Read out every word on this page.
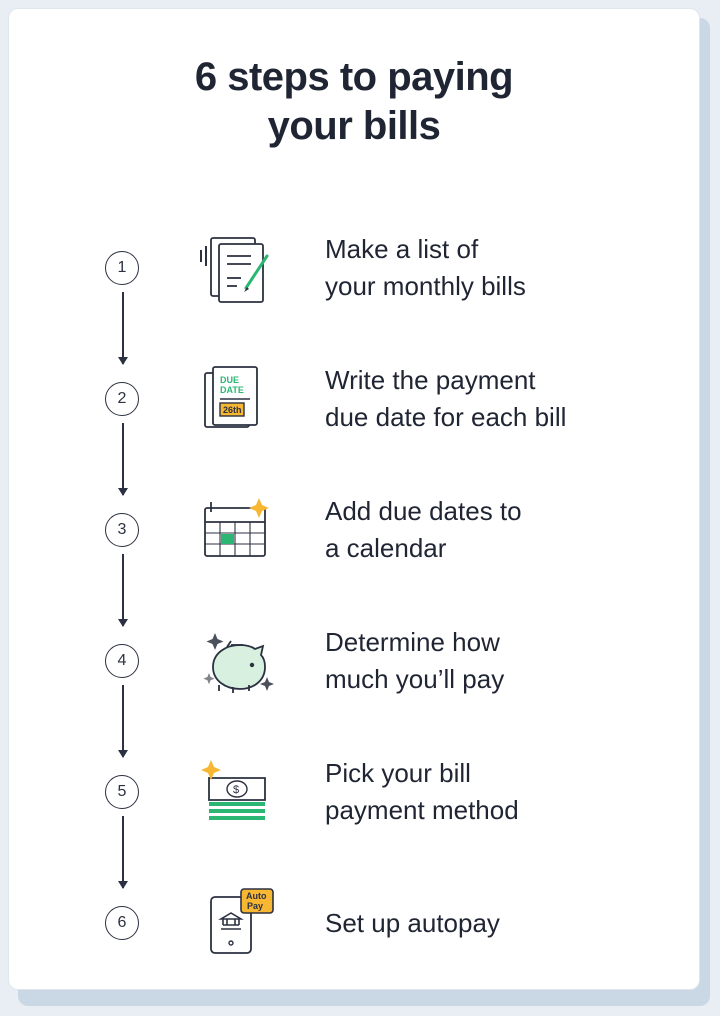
6 steps to paying
your bills
1
Make a list of
your monthly bills
2
DUE
DATE
26th
Write the payment
due date for each bill
3
Add due dates to
a calendar
4
Determine how
much you’ll pay
5	$
Pick your bill
payment method
6
Auto
Pay
Set up autopay
